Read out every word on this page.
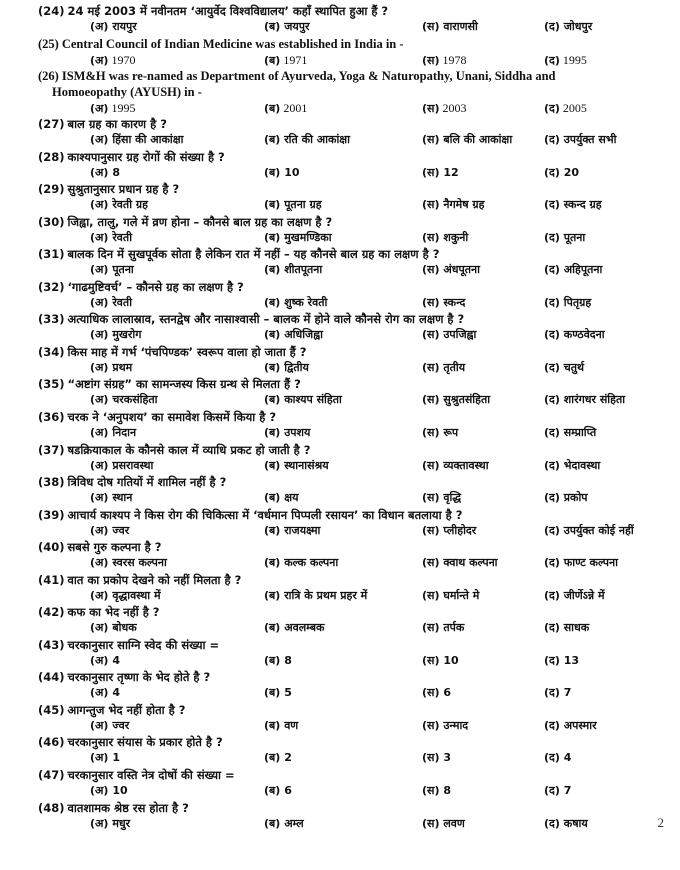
(24) 24 मई 2003 में नवीनतम ‘आयुर्वेद विश्वविद्यालय’ कहाँ स्थापित हुआ हैं ?
(अ) रायपुर	(ब) जयपुर	(स) वाराणसी	(द) जोधपुर
(25) Central Council of Indian Medicine was established in India in -
(अ) 1970	(ब) 1971	(स) 1978	(द) 1995
(26) ISM&H was re-named as Department of Ayurveda, Yoga & Naturopathy, Unani, Siddha and
Homoeopathy (AYUSH) in -
(अ) 1995	(ब) 2001	(स) 2003	(द) 2005
(27) बाल ग्रह का कारण है ?
(अ) हिंसा की आकांक्षा	(ब) रति की आकांक्षा	(स) बलि की आकांक्षा	(द) उपर्युक्त सभी
(28) काश्यपानुसार ग्रह रोगों की संख्या है ?
(अ) 8	(ब) 10	(स) 12	(द) 20
(29) सुश्रुतानुसार प्रधान ग्रह है ?
(अ) रेवती ग्रह	(ब) पूतना ग्रह	(स) नैगमेष ग्रह	(द) स्कन्द ग्रह
(30) जिह्वा, तालु, गले में व्रण होना – कौनसे बाल ग्रह का लक्षण है ?
(अ) रेवती	(ब) मुखमण्डिका	(स) शकुनी	(द) पूतना
(31) बालक दिन में सुखपूर्वक सोता है लेकिन रात में नहीं – यह कौनसे बाल ग्रह का लक्षण है ?
(अ) पूतना	(ब) शीतपूतना	(स) अंधपूतना	(द) अहिपूतना
(32) ‘गाढमुष्टिवर्च’ – कौनसे ग्रह का लक्षण है ?
(अ) रेवती	(ब) शुष्क रेवती	(स) स्कन्द	(द) पितृग्रह
(33) अत्याधिक लालास्राव, स्तनद्वेष और नासाश्वासी – बालक में होने वाले कौनसे रोग का लक्षण है ?
(अ) मुखरोग	(ब) अधिजिह्वा	(स) उपजिह्वा	(द) कण्ठवेदना
(34) किस माह में गर्भ ‘पंचपिण्डक’ स्वरूप वाला हो जाता हैं ?
(अ) प्रथम	(ब) द्वितीय	(स) तृतीय	(द) चतुर्थ
(35) “अष्टांग संग्रह” का सामन्जस्य किस ग्रन्थ से मिलता हैं ?
(अ) चरकसंहिता	(ब) काश्यप संहिता	(स) सुश्रुतसंहिता	(द) शारंगधर संहिता
(36) चरक ने ‘अनुपशय’ का समावेश किसमें किया है ?
(अ) निदान	(ब) उपशय	(स) रूप	(द) सम्प्राप्ति
(37) षडक्रियाकाल के कौनसे काल में व्याधि प्रकट हो जाती है ?
(अ) प्रसरावस्था	(ब) स्थानासंश्रय	(स) व्यक्तावस्था	(द) भेदावस्था
(38) त्रिविध दोष गतियों में शामिल नहीं है ?
(अ) स्थान	(ब) क्षय	(स) वृद्धि	(द) प्रकोप
(39) आचार्य काश्यप ने किस रोग की चिकित्सा में ‘वर्धमान पिप्पली रसायन’ का विधान बतलाया है ?
(अ) ज्वर	(ब) राजयक्ष्मा	(स) प्लीहोदर	(द) उपर्युक्त कोई नहीं
(40) सबसे गुरु कल्पना है ?
(अ) स्वरस कल्पना	(ब) कल्क कल्पना	(स) क्वाथ कल्पना	(द) फाण्ट कल्पना
(41) वात का प्रकोप देखने को नहीं मिलता है ?
(अ) वृद्धावस्था में	(ब) रात्रि के प्रथम प्रहर में	(स) घर्मान्ते मे	(द) जीर्णेऽन्ने में
(42) कफ का भेद नहीं है ?
(अ) बोधक	(ब) अवलम्बक	(स) तर्पक	(द) साधक
(43) चरकानुसार साग्नि स्वेद की संख्या =
(अ) 4	(ब) 8	(स) 10	(द) 13
(44) चरकानुसार तृष्णा के भेद होते है ?
(अ) 4	(ब) 5	(स) 6	(द) 7
(45) आगन्तुज भेद नहीं होता है ?
(अ) ज्वर	(ब) वण	(स) उन्माद	(द) अपस्मार
(46) चरकानुसार संयास के प्रकार होते है ?
(अ) 1	(ब) 2	(स) 3	(द) 4
(47) चरकानुसार वस्ति नेत्र दोषों की संख्या =
(अ) 10	(ब) 6	(स) 8	(द) 7
(48) वातशामक श्रेष्ठ रस होता है ?
(अ) मधुर	(ब) अम्ल	(स) लवण	(द) कषाय	2
